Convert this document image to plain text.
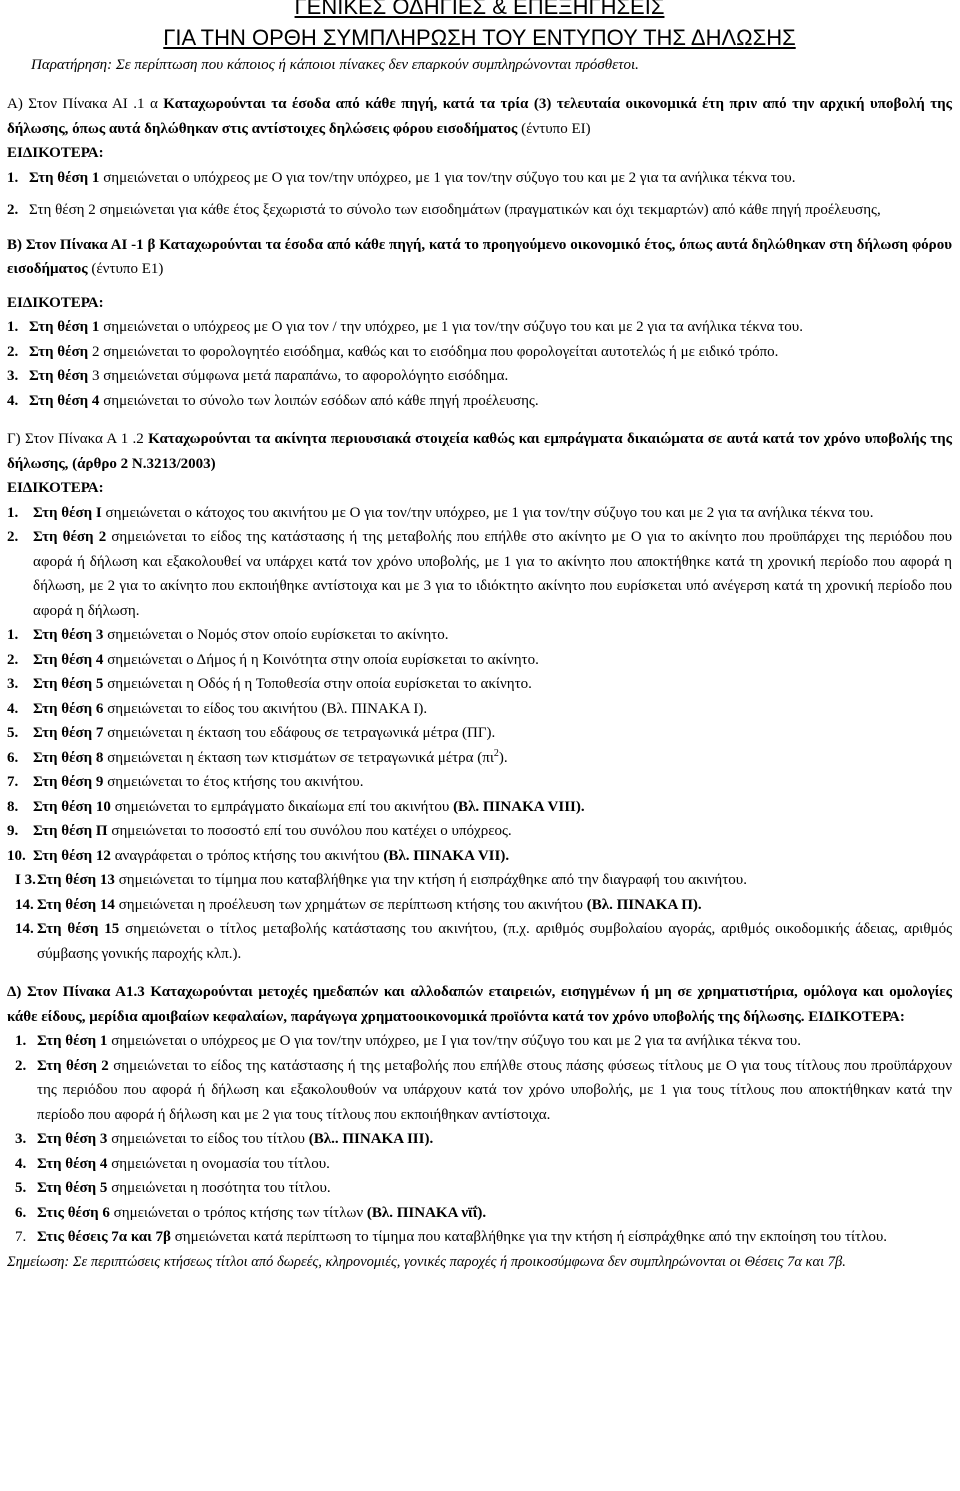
ΓΕΝΙΚΕΣ ΟΔΗΓΙΕΣ & ΕΠΕΞΗΓΗΣΕΙΣ
ΓΙΑ ΤΗΝ ΟΡΘΗ ΣΥΜΠΛΗΡΩΣΗ ΤΟΥ ΕΝΤΥΠΟΥ ΤΗΣ ΔΗΛΩΣΗΣ
Παρατήρηση: Σε περίπτωση που κάποιος ή κάποιοι πίνακες δεν επαρκούν συμπληρώνονται πρόσθετοι.

Α) Στον Πίνακα ΑΙ .1 α Καταχωρούνται τα έσοδα από κάθε πηγή, κατά τα τρία (3) τελευταία οικονομικά έτη πριν από την αρχική υποβολή της δήλωσης, όπως αυτά δηλώθηκαν στις αντίστοιχες δηλώσεις φόρου εισοδήματος (έντυπο ΕΙ)

ΕΙΔΙΚΟΤΕΡΑ:

1. Στη θέση 1 σημειώνεται ο υπόχρεος με Ο για τον/την υπόχρεο, με 1 για τον/την σύζυγο του και με 2 για τα ανήλικα τέκνα του.

2. Στη θέση 2 σημειώνεται για κάθε έτος ξεχωριστά το σύνολο των εισοδημάτων (πραγματικών και όχι τεκμαρτών) από κάθε πηγή προέλευσης,

Β) Στον Πίνακα ΑΙ -1 β Καταχωρούνται τα έσοδα από κάθε πηγή, κατά το προηγούμενο οικονομικό έτος, όπως αυτά δηλώθηκαν στη δήλωση φόρου εισοδήματος (έντυπο Ε1)

ΕΙΔΙΚΟΤΕΡΑ:

1. Στη θέση 1 σημειώνεται ο υπόχρεος με Ο για τον / την υπόχρεο, με 1 για τον/την σύζυγο του και με 2 για τα ανήλικα τέκνα του.

2. Στη θέση 2 σημειώνεται το φορολογητέο εισόδημα, καθώς και το εισόδημα που φορολογείται αυτοτελώς ή με ειδικό τρόπο.

3. Στη θέση 3 σημειώνεται σύμφωνα μετά παραπάνω, το αφορολόγητο εισόδημα.

4. Στη θέση 4 σημειώνεται το σύνολο των λοιπών εσόδων από κάθε πηγή προέλευσης.

Γ) Στον Πίνακα Α 1 .2 Καταχωρούνται τα ακίνητα περιουσιακά στοιχεία καθώς και εμπράγματα δικαιώματα σε αυτά κατά τον χρόνο υποβολής της δήλωσης, (άρθρο 2 Ν.3213/2003)

ΕΙΔΙΚΟΤΕΡΑ:

1. Στη θέση Ι σημειώνεται ο κάτοχος του ακινήτου με Ο για τον/την υπόχρεο, με 1 για τον/την σύζυγο του και με 2 για τα ανήλικα τέκνα του.

2. Στη θέση 2 σημειώνεται το είδος της κατάστασης ή της μεταβολής που επήλθε στο ακίνητο με Ο για το ακίνητο που προϋπάρχει της περιόδου που αφορά ή δήλωση και εξακολουθεί να υπάρχει κατά τον χρόνο υποβολής, με 1 για το ακίνητο που αποκτήθηκε κατά τη χρονική περίοδο που αφορά η δήλωση, με 2 για το ακίνητο που εκποιήθηκε αντίστοιχα και με 3 για το ιδιόκτητο ακίνητο που ευρίσκεται υπό ανέγερση κατά τη χρονική περίοδο που αφορά η δήλωση.

1. Στη θέση 3 σημειώνεται ο Νομός στον οποίο ευρίσκεται το ακίνητο.

2. Στη θέση 4 σημειώνεται ο Δήμος ή η Κοινότητα στην οποία ευρίσκεται το ακίνητο.

3. Στη θέση 5 σημειώνεται η Οδός ή η Τοποθεσία στην οποία ευρίσκεται το ακίνητο.

4. Στη θέση 6 σημειώνεται το είδος του ακινήτου (Βλ. ΠΙΝΑΚΑ Ι).

5. Στη θέση 7 σημειώνεται η έκταση του εδάφους σε τετραγωνικά μέτρα (ΠΓ).

6. Στη θέση 8 σημειώνεται η έκταση των κτισμάτων σε τετραγωνικά μέτρα $(\pi\iota^2)$.

7. Στη θέση 9 σημειώνεται το έτος κτήσης του ακινήτου.

8. Στη θέση 10 σημειώνεται το εμπράγματο δικαίωμα επί του ακινήτου (Βλ. ΠΙΝΑΚΑ VIII).

9. Στη θέση Π σημειώνεται το ποσοστό επί του συνόλου που κατέχει ο υπόχρεος.

10. Στη θέση 12 αναγράφεται ο τρόπος κτήσης του ακινήτου (Βλ. ΠΙΝΑΚΑ VII).

Ι 3. Στη θέση 13 σημειώνεται το τίμημα που καταβλήθηκε για την κτήση ή εισπράχθηκε από την διαγραφή του ακινήτου.

14. Στη θέση 14 σημειώνεται η προέλευση των χρημάτων σε περίπτωση κτήσης του ακινήτου (Βλ. ΠΙΝΑΚΑ Π).

14. Στη θέση 15 σημειώνεται ο τίτλος μεταβολής κατάστασης του ακινήτου, (π.χ. αριθμός συμβολαίου αγοράς, αριθμός οικοδομικής άδειας, αριθμός σύμβασης γονικής παροχής κλπ.).

Δ) Στον Πίνακα Α1.3 Καταχωρούνται μετοχές ημεδαπών και αλλοδαπών εταιρειών, εισηγμένων ή μη σε χρηματιστήρια, ομόλογα και ομολογίες κάθε είδους, μερίδια αμοιβαίων κεφαλαίων, παράγωγα χρηματοοικονομικά προϊόντα κατά τον χρόνο υποβολής της δήλωσης. ΕΙΔΙΚΟΤΕΡΑ:

1. Στη θέση 1 σημειώνεται ο υπόχρεος με Ο για τον/την υπόχρεο, με Ι για τον/την σύζυγο του και με 2 για τα ανήλικα τέκνα του.

2. Στη θέση 2 σημειώνεται το είδος της κατάστασης ή της μεταβολής που επήλθε στους πάσης φύσεως τίτλους με Ο για τους τίτλους που προϋπάρχουν της περιόδου που αφορά ή δήλωση και εξακολουθούν να υπάρχουν κατά τον χρόνο υποβολής, με 1 για τους τίτλους που αποκτήθηκαν κατά την περίοδο που αφορά ή δήλωση και με 2 για τους τίτλους που εκποιήθηκαν αντίστοιχα.

3. Στη θέση 3 σημειώνεται το είδος του τίτλου (Βλ.. ΠΙΝΑΚΑ ΙΙΙ).

4. Στη θέση 4 σημειώνεται η ονομασία του τίτλου.

5. Στη θέση 5 σημειώνεται η ποσότητα του τίτλου.

6. Στις θέση 6 σημειώνεται ο τρόπος κτήσης των τίτλων (Βλ. ΠΙΝΑΚΑ νϊΐ).

7. Στις θέσεις 7α και 7β σημειώνεται κατά περίπτωση το τίμημα που καταβλήθηκε για την κτήση ή είσπράχθηκε από την εκποίηση του τίτλου.

Σημείωση: Σε περιπτώσεις κτήσεως τίτλοι από δωρεές, κληρονομιές, γονικές παροχές ή προικοσύμφωνα δεν συμπληρώνονται οι Θέσεις 7α και 7β.
